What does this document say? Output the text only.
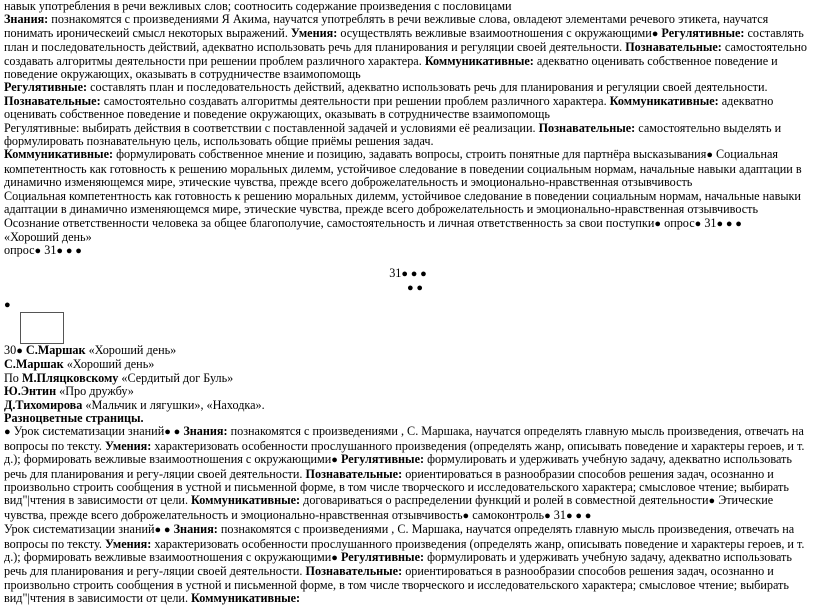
навык употребления в речи вежливых слов; соотносить содержание произведения с пословицами

Знания: познакомятся с произведениями Я Акима, научатся употреблять в речи вежливые слова, овладеют элементами речевого этикета, научатся понимать ироническеий смысл некоторых выражений. Умения: осуществлять вежливые взаимоотношения с окружающими● Регулятивные: составлять план и последовательность действий, адекватно использовать речь для планирования и регуляции своей деятельности. Познавательные: самостоятельно создавать алгоритмы деятельности при решении проблем различного характера. Коммуникативные: адекватно оценивать собственное поведение и поведение окружающих, оказывать в сотрудничестве взаимопомощь

Регулятивные: составлять план и последовательность действий, адекватно использовать речь для планирования и регуляции своей деятельности. Познавательные: самостоятельно создавать алгоритмы деятельности при решении проблем различного характера. Коммуникативные: адекватно оценивать собственное поведение и поведение окружающих, оказывать в сотрудничестве взаимопомощь

Регулятивные: выбирать действия в соответствии с поставленной задачей и условиями её реализации. Познавательные: самостоятельно выделять и формулировать познавательную цель, использовать общие приёмы решения задач.

Коммуникативные: формулировать собственное мнение и позицию, задавать вопросы, строить понятные для партнёра высказывания● Социальная компетентность как готовность к решению моральных дилемм, устойчивое следование в поведении социальным нормам, начальные навыки адаптации в динамично изменяющемся мире, этические чувства, прежде всего доброжелательность и эмоционально-нравственная отзывчивость

Социальная компетентность как готовность к решению моральных дилемм, устойчивое следование в поведении социальным нормам, начальные навыки адаптации в динамично изменяющемся мире, этические чувства, прежде всего доброжелательность и эмоционально-нравственная отзывчивость

Осознание ответственности человека за общее благополучие, самостоятельность и личная ответственность за свои поступки● опрос● 31● ● ●

«Хороший день»

опрос● 31● ● ●

31● ● ●

● ●

●

30● С.Маршак «Хороший день»

С.Маршак «Хороший день»

По М.Пляцковскому «Сердитый дог Буль»

Ю.Энтин «Про дружбу»

Д.Тихомирова «Мальчик и лягушки», «Находка».

Разноцветные страницы.

● Урок систематизации знаний● ● Знания: познакомятся с произведениями , С. Маршака, научатся определять главную мысль произведения, отвечать на вопросы по тексту. Умения: характеризовать особенности прослушанного произведения (определять жанр, описывать поведение и характеры героев, и т. д.); формировать вежливые взаимоотношения с окружающими● Регулятивные: формулировать и удерживать учебную задачу, адекватно использовать речь для планирования и регу-ляции своей деятельности. Познавательные: ориентироваться в разнообразии способов решения задач, осознанно и произвольно строить сообщения в устной и письменной форме, в том числе творческого и исследовательского характера; смысловое чтение; выбирать вид"|чтения в зависимости от цели. Коммуникативные: договариваться о распределении функций и ролей в совместной деятельности● Этические чувства, прежде всего доброжелательность и эмоционально-нравственная отзывчивость● самоконтроль● 31● ● ●

Урок систематизации знаний● ● Знания: познакомятся с произведениями , С. Маршака, научатся определять главную мысль произведения, отвечать на вопросы по тексту. Умения: характеризовать особенности прослушанного произведения (определять жанр, описывать поведение и характеры героев, и т. д.); формировать вежливые взаимоотношения с окружающими● Регулятивные: формулировать и удерживать учебную задачу, адекватно использовать речь для планирования и регу-ляции своей деятельности. Познавательные: ориентироваться в разнообразии способов решения задач, осознанно и произвольно строить сообщения в устной и письменной форме, в том числе творческого и исследовательского характера; смысловое чтение; выбирать вид"|чтения в зависимости от цели. Коммуникативные:
